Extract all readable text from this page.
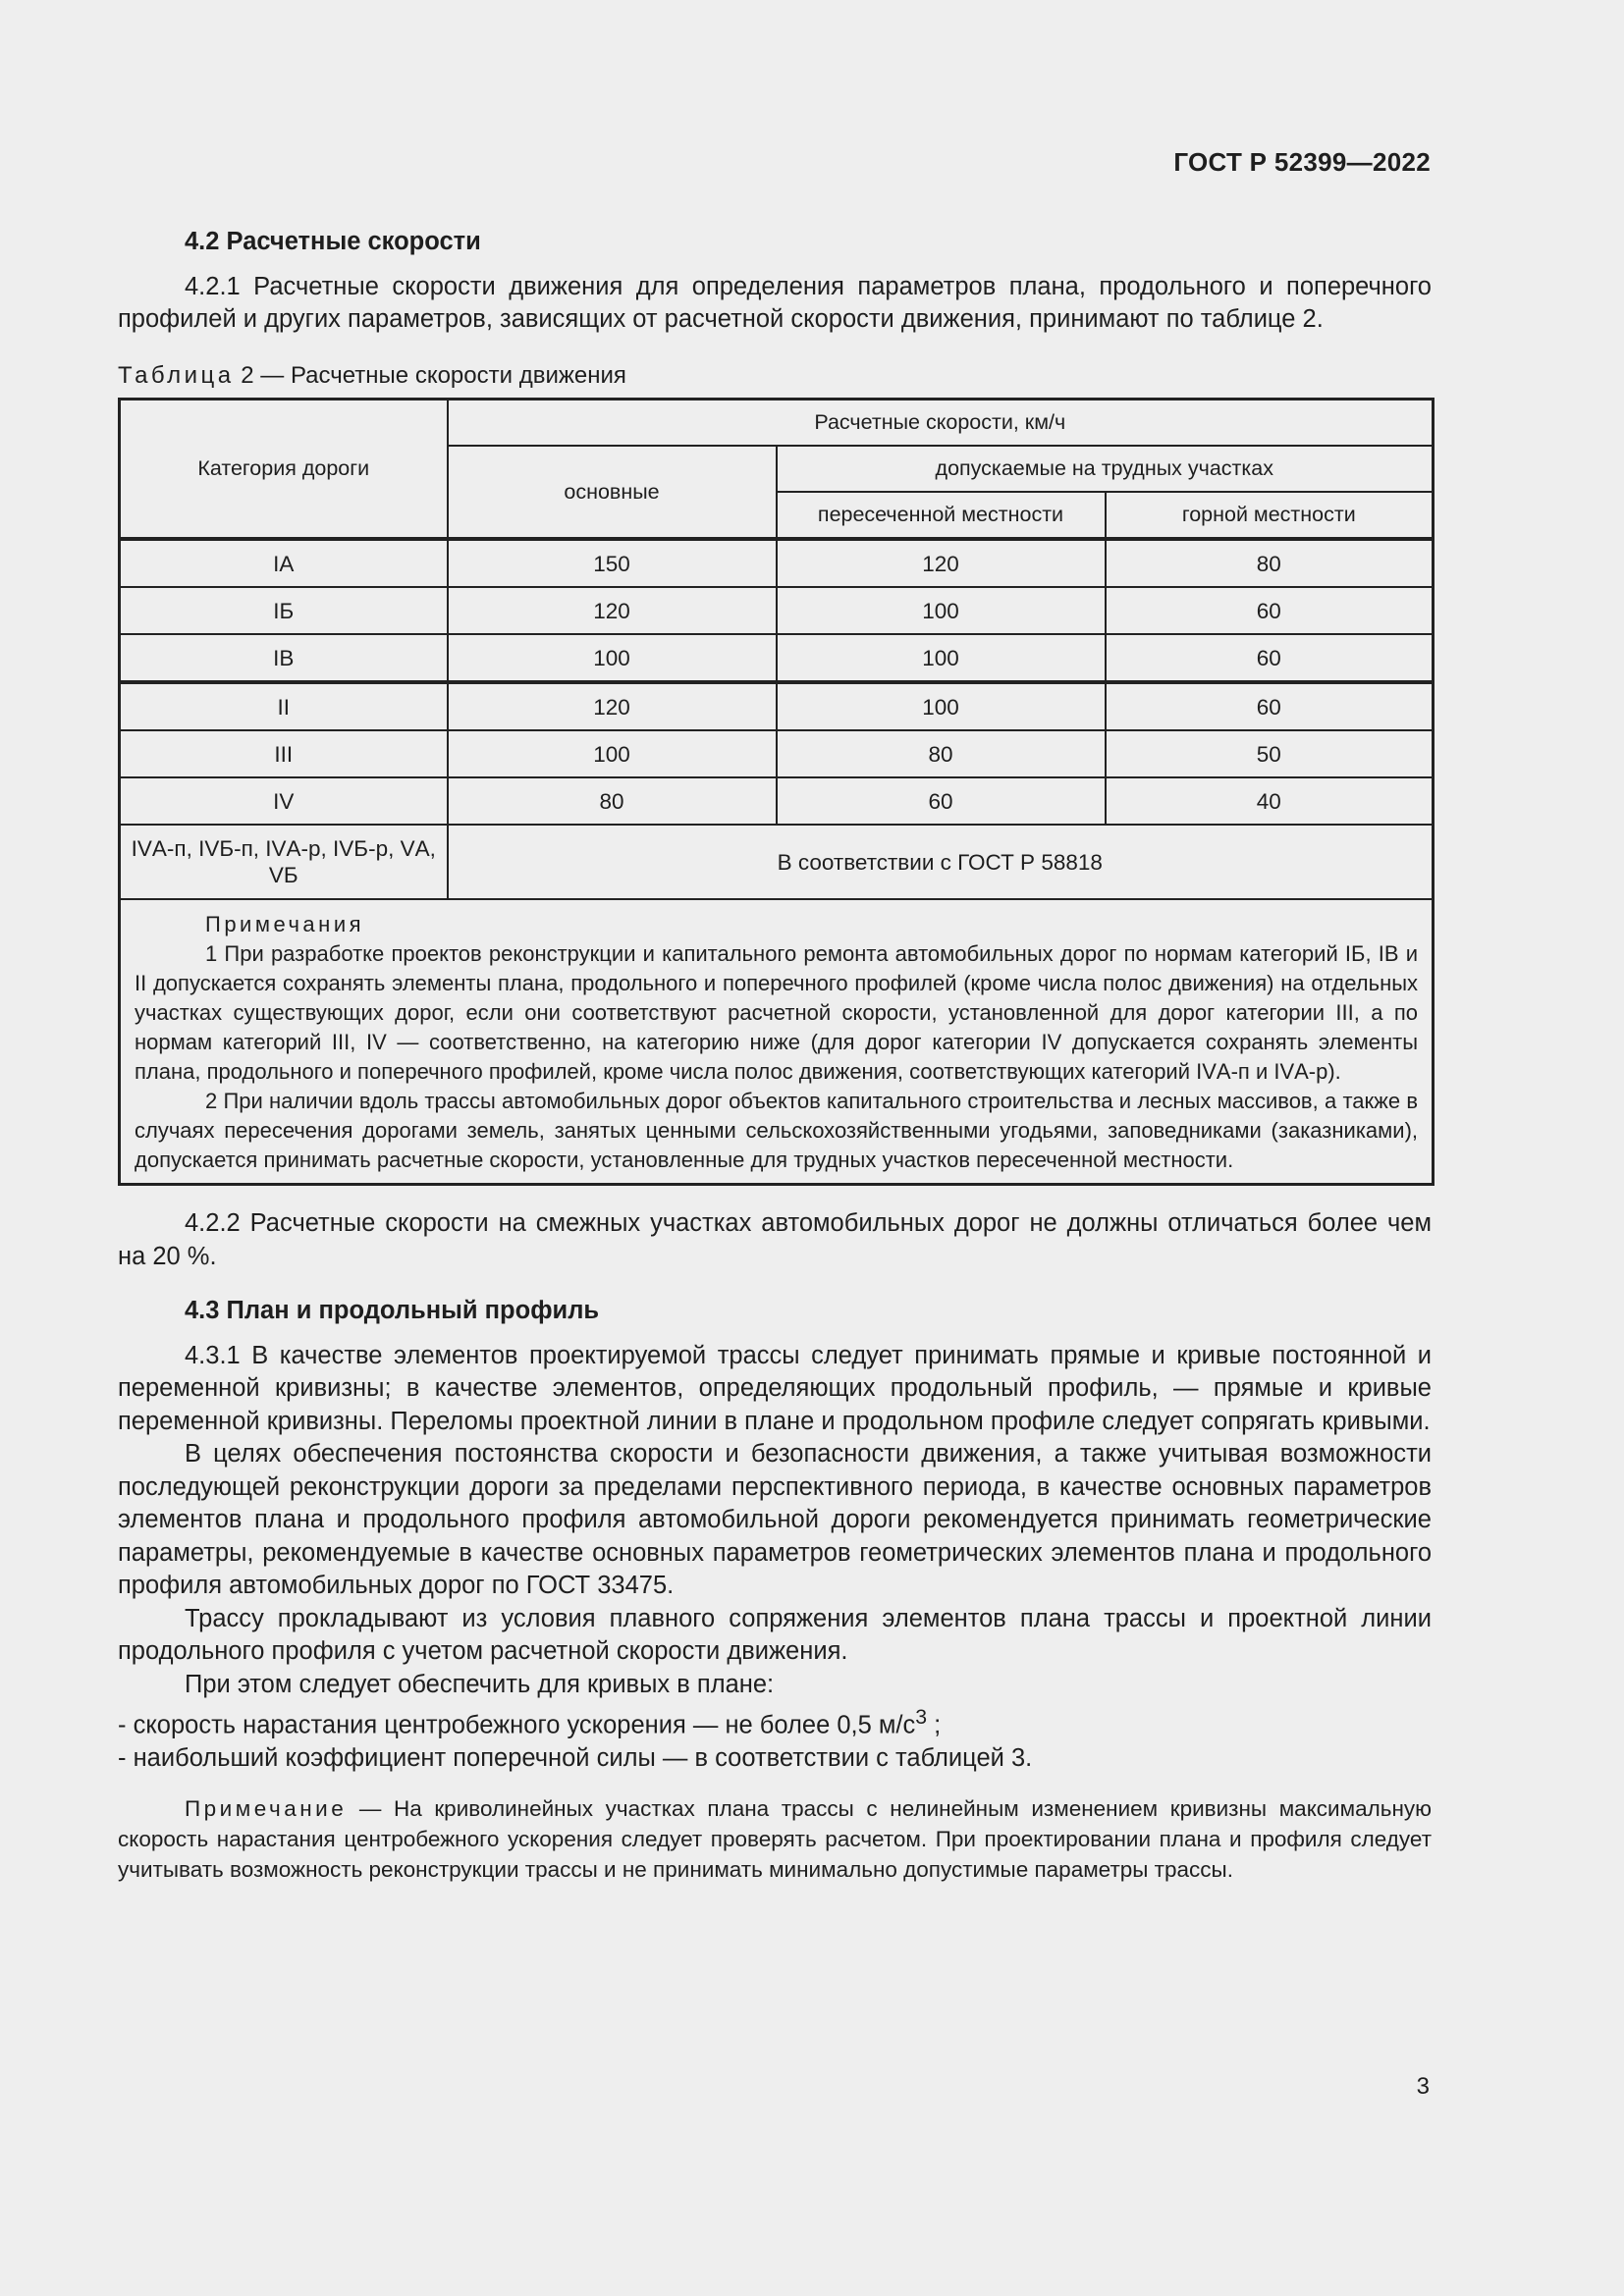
ГОСТ Р 52399—2022

4.2 Расчетные скорости

4.2.1 Расчетные скорости движения для определения параметров плана, продольного и поперечного профилей и других параметров, зависящих от расчетной скорости движения, принимают по таблице 2.

Таблица 2 — Расчетные скорости движения
Категория дороги	Расчетные скорости, км/ч		
	основные	допускаемые на трудных участках	
		пересеченной местности	горной местности
IА	150	120	80
IБ	120	100	60
IВ	100	100	60
II	120	100	60
III	100	80	50
IV	80	60	40
IVА-п, IVБ-п, IVА-р, IVБ-р, VА, VБ	В соответствии с ГОСТ Р 58818		

Примечания

1 При разработке проектов реконструкции и капитального ремонта автомобильных дорог по нормам категорий IБ, IВ и II допускается сохранять элементы плана, продольного и поперечного профилей (кроме числа полос движения) на отдельных участках существующих дорог, если они соответствуют расчетной скорости, установленной для дорог категории III, а по нормам категорий III, IV — соответственно, на категорию ниже (для дорог категории IV допускается сохранять элементы плана, продольного и поперечного профилей, кроме числа полос движения, соответствующих категорий IVА-п и IVА-р).

2 При наличии вдоль трассы автомобильных дорог объектов капитального строительства и лесных массивов, а также в случаях пересечения дорогами земель, занятых ценными сельскохозяйственными угодьями, заповедниками (заказниками), допускается принимать расчетные скорости, установленные для трудных участков пересеченной местности.			

4.2.2 Расчетные скорости на смежных участках автомобильных дорог не должны отличаться более чем на 20 %.

4.3 План и продольный профиль

4.3.1 В качестве элементов проектируемой трассы следует принимать прямые и кривые постоянной и переменной кривизны; в качестве элементов, определяющих продольный профиль, — прямые и кривые переменной кривизны. Переломы проектной линии в плане и продольном профиле следует сопрягать кривыми.

В целях обеспечения постоянства скорости и безопасности движения, а также учитывая возможности последующей реконструкции дороги за пределами перспективного периода, в качестве основных параметров элементов плана и продольного профиля автомобильной дороги рекомендуется принимать геометрические параметры, рекомендуемые в качестве основных параметров геометрических элементов плана и продольного профиля автомобильных дорог по ГОСТ 33475.

Трассу прокладывают из условия плавного сопряжения элементов плана трассы и проектной линии продольного профиля с учетом расчетной скорости движения.

При этом следует обеспечить для кривых в плане:

- скорость нарастания центробежного ускорения — не более 0,5 $м/с^3$ ;

- наибольший коэффициент поперечной силы — в соответствии с таблицей 3.

Примечание — На криволинейных участках плана трассы с нелинейным изменением кривизны максимальную скорость нарастания центробежного ускорения следует проверять расчетом. При проектировании плана и профиля следует учитывать возможность реконструкции трассы и не принимать минимально допустимые параметры трассы.

3
